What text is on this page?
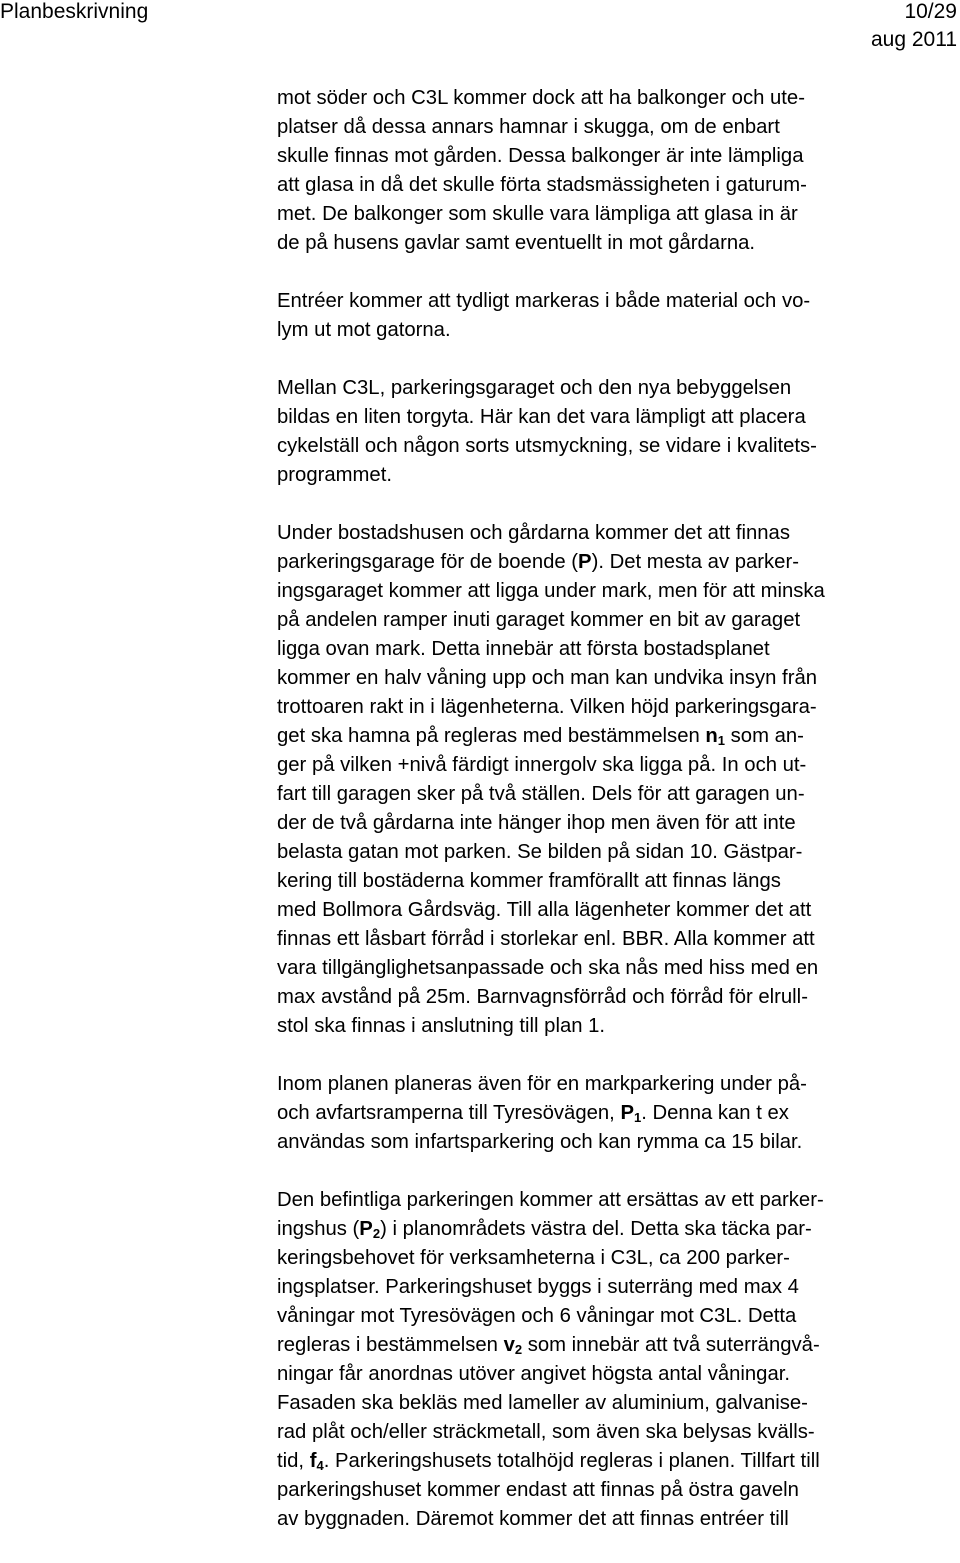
Planbeskrivning	10/29
aug 2011
mot söder och C3L kommer dock att ha balkonger och ute-
platser då dessa annars hamnar i skugga, om de enbart
skulle finnas mot gården. Dessa balkonger är inte lämpliga
att glasa in då det skulle förta stadsmässigheten i gaturum-
met. De balkonger som skulle vara lämpliga att glasa in är
de på husens gavlar samt eventuellt in mot gårdarna.
Entréer kommer att tydligt markeras i både material och vo-
lym ut mot gatorna.
Mellan C3L, parkeringsgaraget och den nya bebyggelsen
bildas en liten torgyta. Här kan det vara lämpligt att placera
cykelställ och någon sorts utsmyckning, se vidare i kvalitets-
programmet.
Under bostadshusen och gårdarna kommer det att finnas
parkeringsgarage för de boende (P). Det mesta av parker-
ingsgaraget kommer att ligga under mark, men för att minska
på andelen ramper inuti garaget kommer en bit av garaget
ligga ovan mark. Detta innebär att första bostadsplanet
kommer en halv våning upp och man kan undvika insyn från
trottoaren rakt in i lägenheterna. Vilken höjd parkeringsgara-
get ska hamna på regleras med bestämmelsen $n_1$ som an-
ger på vilken +nivå färdigt innergolv ska ligga på. In och ut-
fart till garagen sker på två ställen. Dels för att garagen un-
der de två gårdarna inte hänger ihop men även för att inte
belasta gatan mot parken. Se bilden på sidan 10. Gästpar-
kering till bostäderna kommer framförallt att finnas längs
med Bollmora Gårdsväg. Till alla lägenheter kommer det att
finnas ett låsbart förråd i storlekar enl. BBR. Alla kommer att
vara tillgänglighetsanpassade och ska nås med hiss med en
max avstånd på 25m. Barnvagnsförråd och förråd för elrull-
stol ska finnas i anslutning till plan 1.
Inom planen planeras även för en markparkering under på-
och avfartsramperna till Tyresövägen, $P_1$. Denna kan t ex
användas som infartsparkering och kan rymma ca 15 bilar.
Den befintliga parkeringen kommer att ersättas av ett parker-
ingshus $(P_2)$ i planområdets västra del. Detta ska täcka par-
keringsbehovet för verksamheterna i C3L, ca 200 parker-
ingsplatser. Parkeringshuset byggs i suterräng med max 4
våningar mot Tyresövägen och 6 våningar mot C3L. Detta
regleras i bestämmelsen $v_2$ som innebär att två suterrängvå-
ningar får anordnas utöver angivet högsta antal våningar.
Fasaden ska bekläs med lameller av aluminium, galvanise-
rad plåt och/eller sträckmetall, som även ska belysas kvälls-
tid, $f_4$. Parkeringshusets totalhöjd regleras i planen. Tillfart till
parkeringshuset kommer endast att finnas på östra gaveln
av byggnaden. Däremot kommer det att finnas entréer till
